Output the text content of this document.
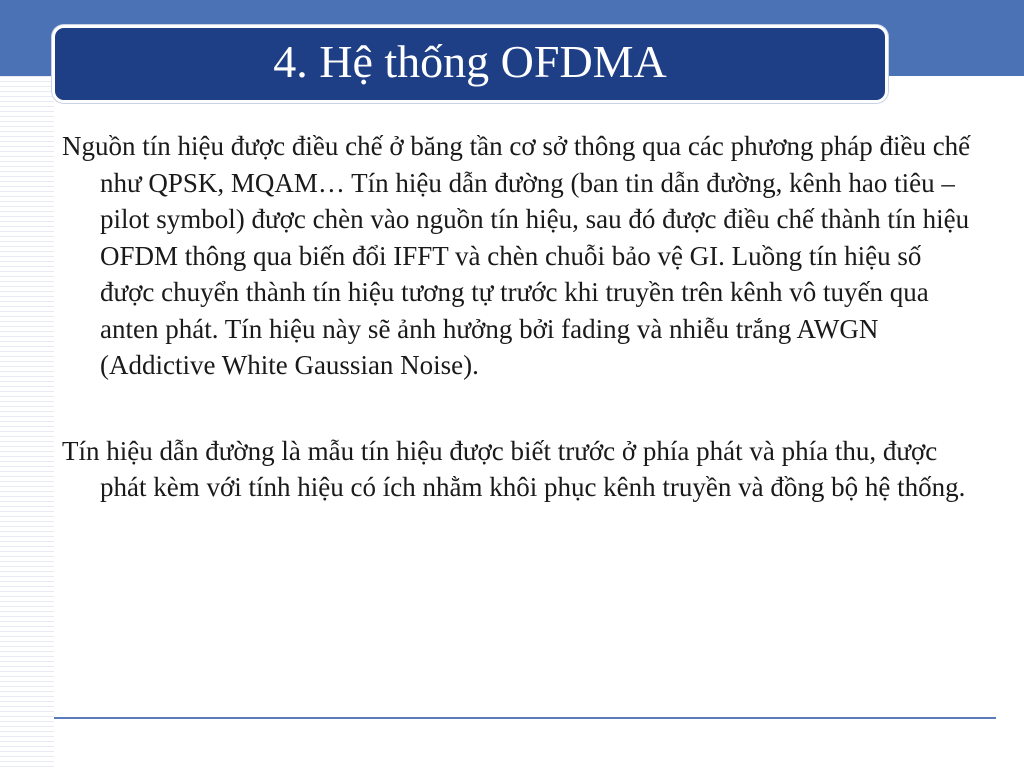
4. Hệ thống OFDMA

Nguồn tín hiệu được điều chế ở băng tần cơ sở thông qua các phương pháp điều chế như QPSK, MQAM… Tín hiệu dẫn đường (ban tin dẫn đường, kênh hao tiêu – pilot symbol) được chèn vào nguồn tín hiệu, sau đó được điều chế thành tín hiệu OFDM thông qua biến đổi IFFT và chèn chuỗi bảo vệ GI. Luồng tín hiệu số được chuyển thành tín hiệu tương tự trước khi truyền trên kênh vô tuyến qua anten phát. Tín hiệu này sẽ ảnh hưởng bởi fading và nhiễu trắng AWGN (Addictive White Gaussian Noise).

Tín hiệu dẫn đường là mẫu tín hiệu được biết trước ở phía phát và phía thu, được phát kèm với tính hiệu có ích nhằm khôi phục kênh truyền và đồng bộ hệ thống.
